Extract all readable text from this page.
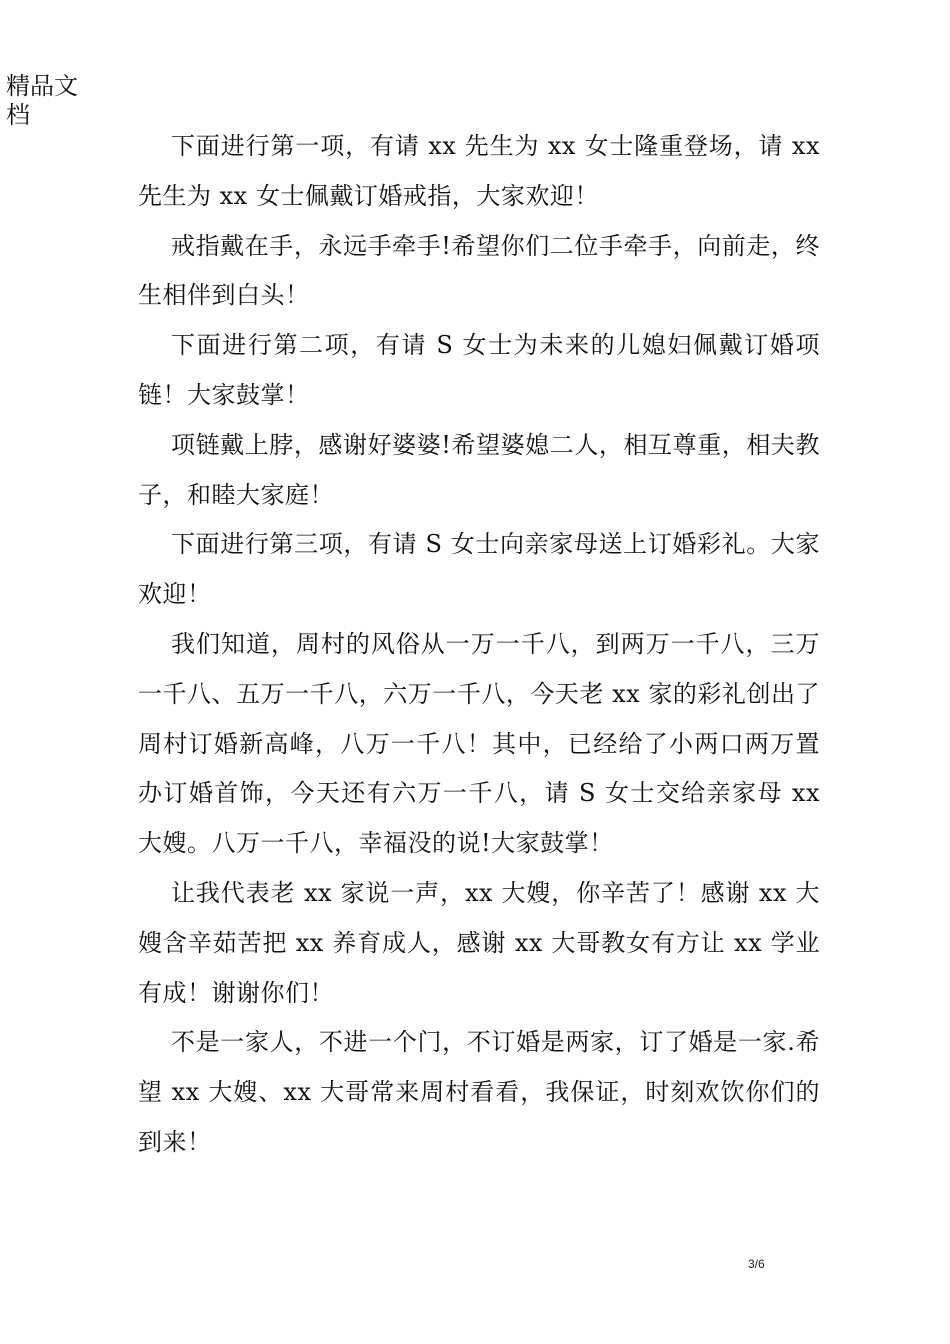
精品文档

下面进行第一项，有请 xx 先生为 xx 女士隆重登场，请 xx 先生为 xx 女士佩戴订婚戒指，大家欢迎！

戒指戴在手，永远手牵手!希望你们二位手牵手，向前走，终生相伴到白头！

下面进行第二项，有请 S 女士为未来的儿媳妇佩戴订婚项链！大家鼓掌！

项链戴上脖，感谢好婆婆!希望婆媳二人，相互尊重，相夫教子，和睦大家庭！

下面进行第三项，有请 S 女士向亲家母送上订婚彩礼。大家欢迎！

我们知道，周村的风俗从一万一千八，到两万一千八，三万一千八、五万一千八，六万一千八，今天老 xx 家的彩礼创出了周村订婚新高峰，八万一千八！其中，已经给了小两口两万置办订婚首饰，今天还有六万一千八，请 S 女士交给亲家母 xx 大嫂。八万一千八，幸福没的说!大家鼓掌！

让我代表老 xx 家说一声，xx 大嫂，你辛苦了！感谢 xx 大嫂含辛茹苦把 xx 养育成人，感谢 xx 大哥教女有方让 xx 学业有成！谢谢你们！

不是一家人，不进一个门，不订婚是两家，订了婚是一家.希望 xx 大嫂、xx 大哥常来周村看看，我保证，时刻欢饮你们的到来！

3/6
